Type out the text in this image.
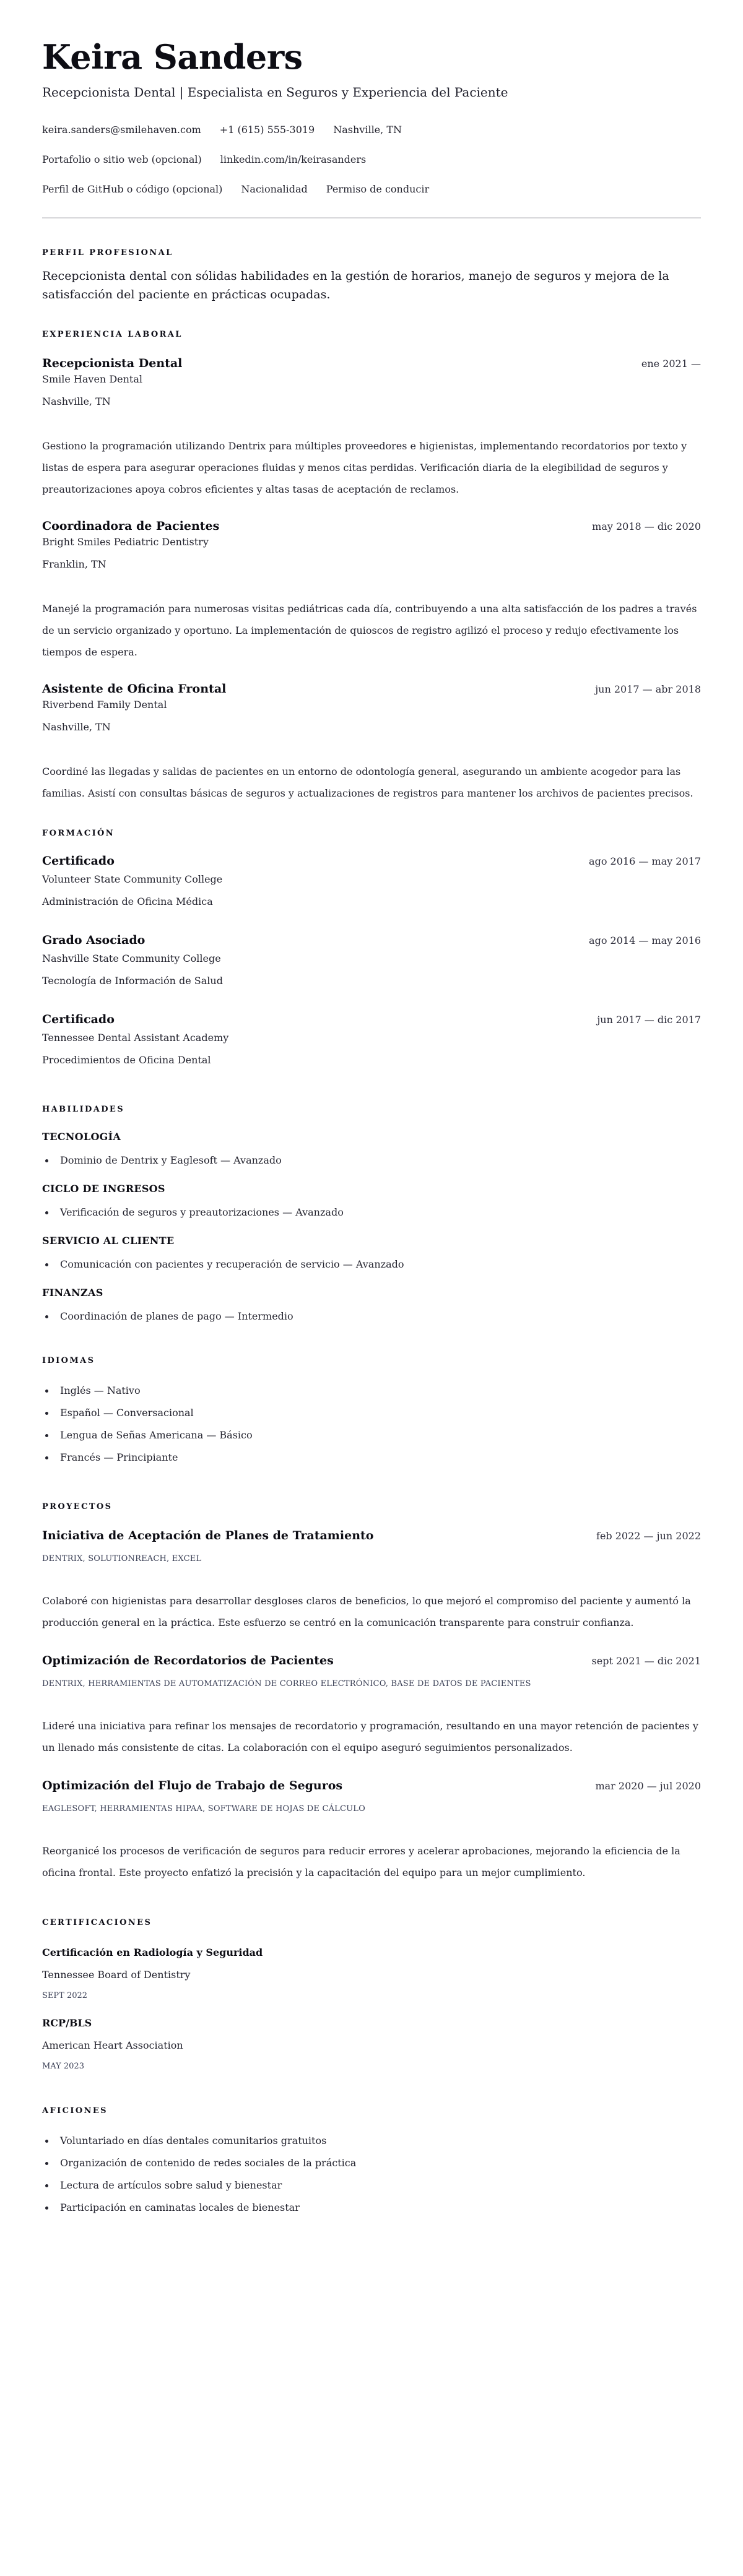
Keira Sanders
Recepcionista Dental | Especialista en Seguros y Experiencia del Paciente
keira.sanders@smilehaven.com +1 (615) 555-3019 Nashville, TN
Portafolio o sitio web (opcional) linkedin.com/in/keirasanders
Perfil de GitHub o código (opcional) Nacionalidad Permiso de conducir
PERFIL PROFESIONAL

Recepcionista dental con sólidas habilidades en la gestión de horarios, manejo de seguros y mejora de la satisfacción del paciente en prácticas ocupadas.

EXPERIENCIA LABORAL
Recepcionista Dental	ene 2021 —
Smile Haven Dental
Nashville, TN

Gestiono la programación utilizando Dentrix para múltiples proveedores e higienistas, implementando recordatorios por texto y listas de espera para asegurar operaciones fluidas y menos citas perdidas. Verificación diaria de la elegibilidad de seguros y preautorizaciones apoya cobros eficientes y altas tasas de aceptación de reclamos.

Coordinadora de Pacientes	may 2018 — dic 2020
Bright Smiles Pediatric Dentistry
Franklin, TN

Manejé la programación para numerosas visitas pediátricas cada día, contribuyendo a una alta satisfacción de los padres a través de un servicio organizado y oportuno. La implementación de quioscos de registro agilizó el proceso y redujo efectivamente los tiempos de espera.

Asistente de Oficina Frontal	jun 2017 — abr 2018
Riverbend Family Dental
Nashville, TN

Coordiné las llegadas y salidas de pacientes en un entorno de odontología general, asegurando un ambiente acogedor para las familias. Asistí con consultas básicas de seguros y actualizaciones de registros para mantener los archivos de pacientes precisos.

FORMACIÓN
Certificado	ago 2016 — may 2017
Volunteer State Community College
Administración de Oficina Médica
Grado Asociado	ago 2014 — may 2016
Nashville State Community College
Tecnología de Información de Salud
Certificado	jun 2017 — dic 2017
Tennessee Dental Assistant Academy
Procedimientos de Oficina Dental
HABILIDADES
TECNOLOGÍA
Dominio de Dentrix y Eaglesoft — Avanzado
CICLO DE INGRESOS
Verificación de seguros y preautorizaciones — Avanzado
SERVICIO AL CLIENTE
Comunicación con pacientes y recuperación de servicio — Avanzado
FINANZAS
Coordinación de planes de pago — Intermedio
IDIOMAS
Inglés — Nativo
Español — Conversacional
Lengua de Señas Americana — Básico
Francés — Principiante
PROYECTOS
Iniciativa de Aceptación de Planes de Tratamiento	feb 2022 — jun 2022
DENTRIX, SOLUTIONREACH, EXCEL

Colaboré con higienistas para desarrollar desgloses claros de beneficios, lo que mejoró el compromiso del paciente y aumentó la producción general en la práctica. Este esfuerzo se centró en la comunicación transparente para construir confianza.

Optimización de Recordatorios de Pacientes	sept 2021 — dic 2021
DENTRIX, HERRAMIENTAS DE AUTOMATIZACIÓN DE CORREO ELECTRÓNICO, BASE DE DATOS DE PACIENTES

Lideré una iniciativa para refinar los mensajes de recordatorio y programación, resultando en una mayor retención de pacientes y un llenado más consistente de citas. La colaboración con el equipo aseguró seguimientos personalizados.

Optimización del Flujo de Trabajo de Seguros	mar 2020 — jul 2020
EAGLESOFT, HERRAMIENTAS HIPAA, SOFTWARE DE HOJAS DE CÁLCULO

Reorganicé los procesos de verificación de seguros para reducir errores y acelerar aprobaciones, mejorando la eficiencia de la oficina frontal. Este proyecto enfatizó la precisión y la capacitación del equipo para un mejor cumplimiento.

CERTIFICACIONES
Certificación en Radiología y Seguridad
Tennessee Board of Dentistry
SEPT 2022
RCP/BLS
American Heart Association
MAY 2023
AFICIONES
Voluntariado en días dentales comunitarios gratuitos
Organización de contenido de redes sociales de la práctica
Lectura de artículos sobre salud y bienestar
Participación en caminatas locales de bienestar
